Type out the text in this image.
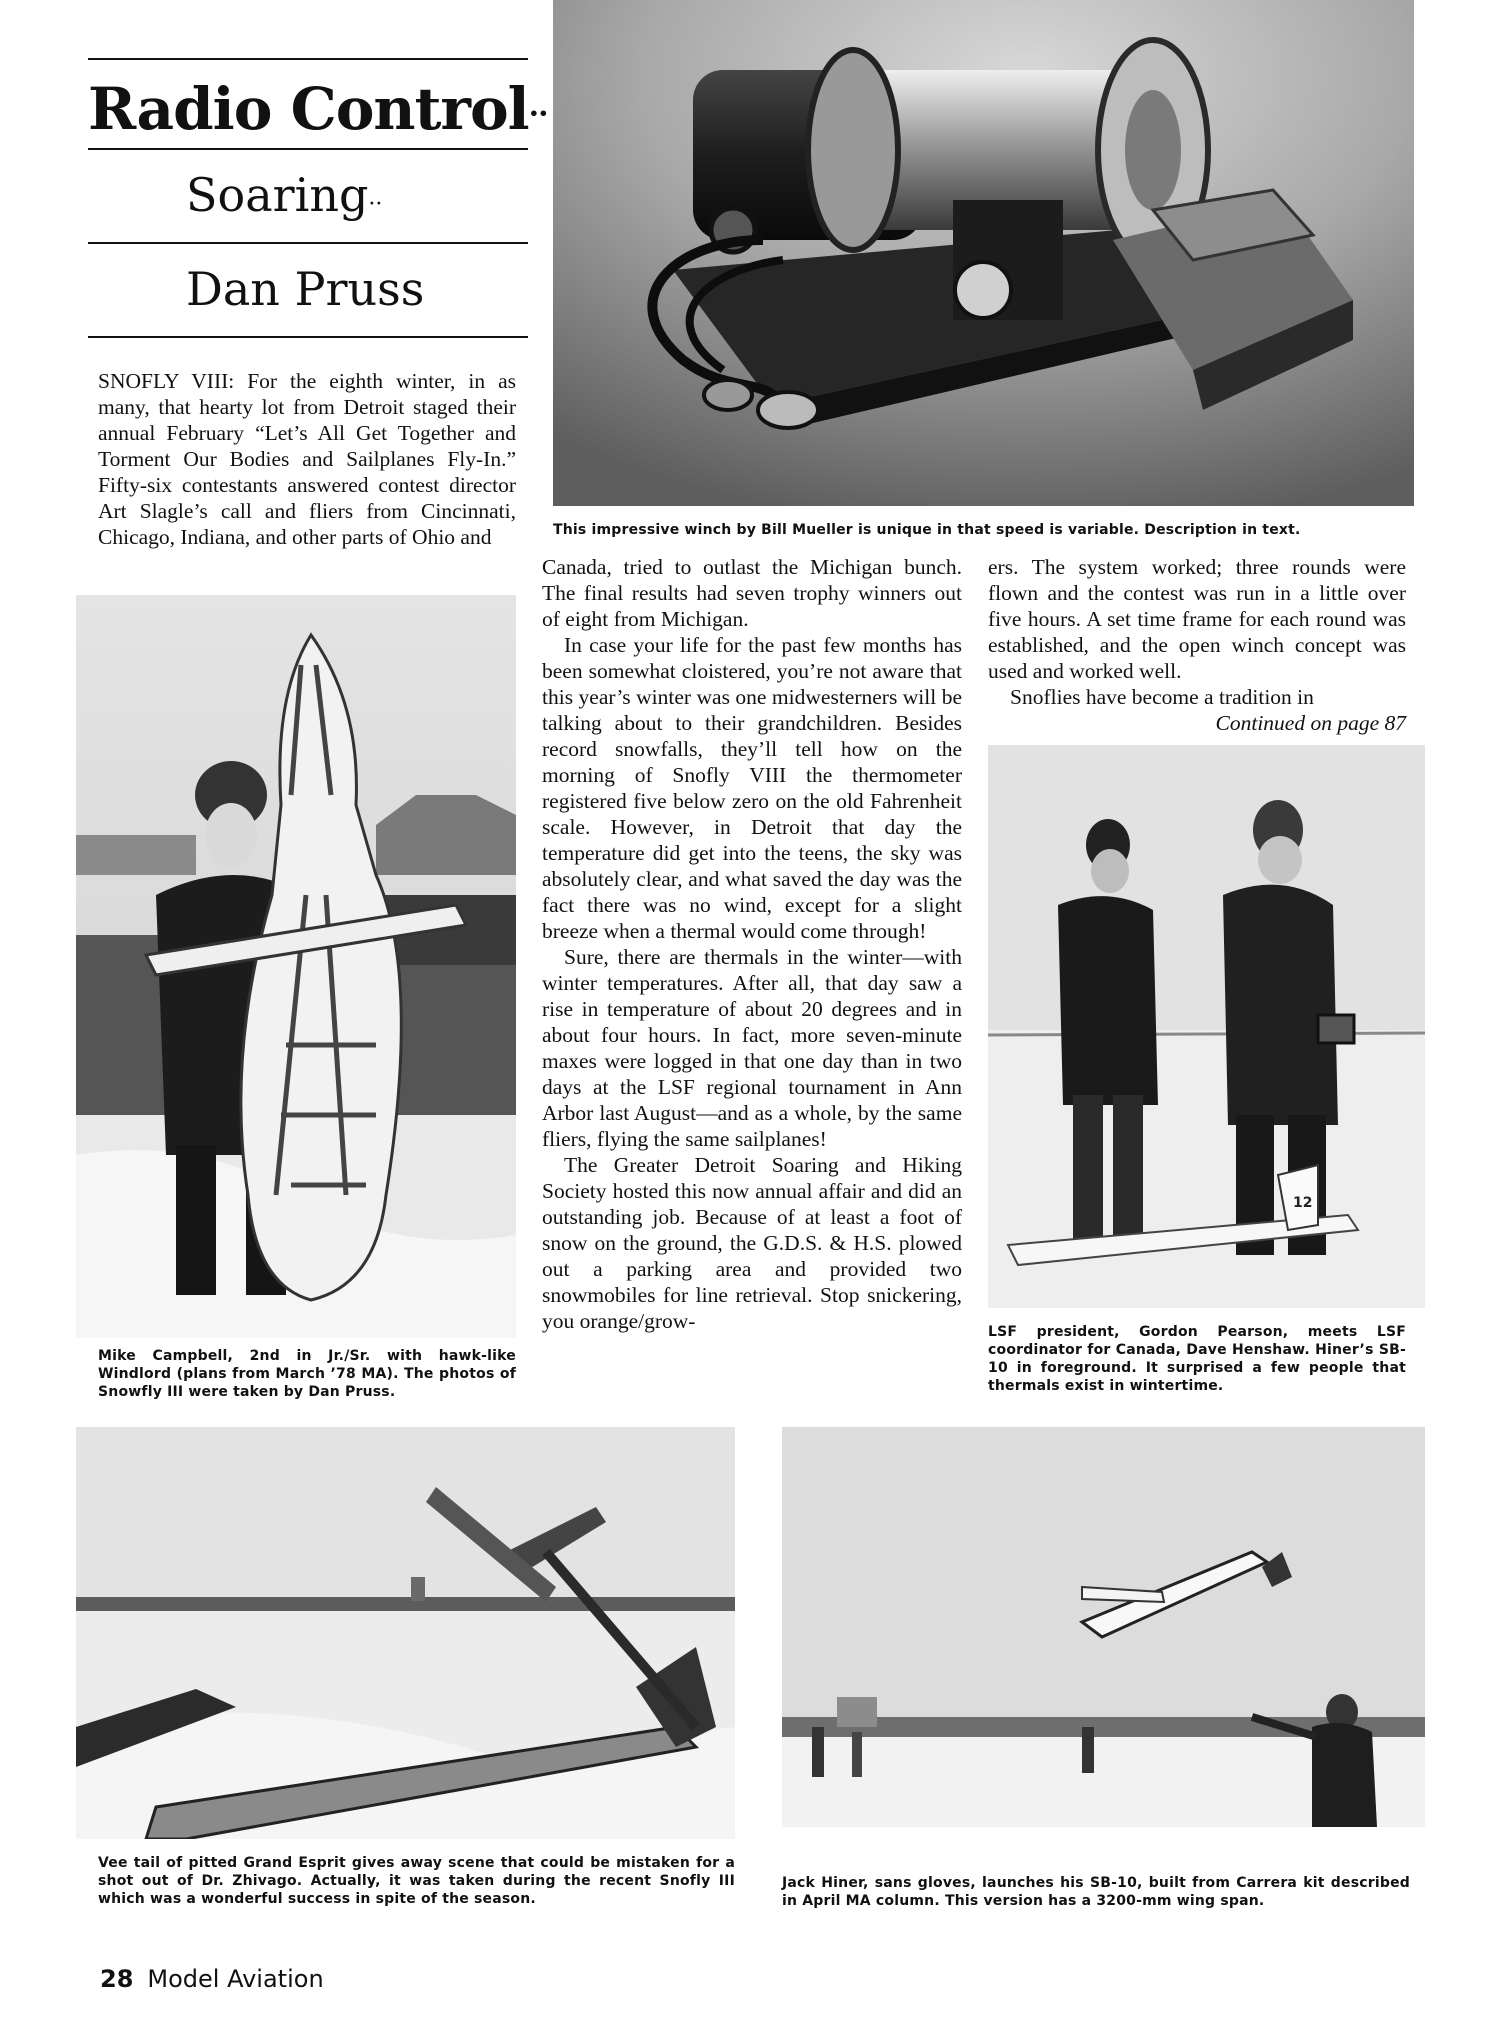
Radio Control··
Soaring··
Dan Pruss

SNOFLY VIII: For the eighth winter, in as many, that hearty lot from Detroit staged their annual February “Let’s All Get Together and Torment Our Bodies and Sailplanes Fly-In.” Fifty-six contestants answered contest director Art Slagle’s call and fliers from Cincinnati, Chicago, Indiana, and other parts of Ohio and	This impressive winch by Bill Mueller is unique in that speed is variable. Description in text.
Mike Campbell, 2nd in Jr./Sr. with hawk-like Windlord (plans from March ’78 MA). The photos of Snowfly III were taken by Dan Pruss.

Canada, tried to outlast the Michigan bunch. The final results had seven trophy winners out of eight from Michigan.

In case your life for the past few months has been somewhat cloistered, you’re not aware that this year’s winter was one midwesterners will be talking about to their grandchildren. Besides record snowfalls, they’ll tell how on the morning of Snofly VIII the thermometer registered five below zero on the old Fahrenheit scale. However, in Detroit that day the temperature did get into the teens, the sky was absolutely clear, and what saved the day was the fact there was no wind, except for a slight breeze when a thermal would come through!

Sure, there are thermals in the winter—with winter temperatures. After all, that day saw a rise in temperature of about 20 degrees and in about four hours. In fact, more seven-minute maxes were logged in that one day than in two days at the LSF regional tournament in Ann Arbor last August—and as a whole, by the same fliers, flying the same sailplanes!

The Greater Detroit Soaring and Hiking Society hosted this now annual affair and did an outstanding job. Because of at least a foot of snow on the ground, the G.D.S. & H.S. plowed out a parking area and provided two snowmobiles for line retrieval. Stop snickering, you orange/grow-

ers. The system worked; three rounds were flown and the contest was run in a little over five hours. A set time frame for each round was established, and the open winch concept was used and worked well.

Snoflies have become a tradition in

Continued on page 87
12
LSF president, Gordon Pearson, meets LSF coordinator for Canada, Dave Henshaw. Hiner’s SB-10 in foreground. It surprised a few people that thermals exist in wintertime.
Vee tail of pitted Grand Esprit gives away scene that could be mistaken for a shot out of Dr. Zhivago. Actually, it was taken during the recent Snofly III which was a wonderful success in spite of the season.
Jack Hiner, sans gloves, launches his SB-10, built from Carrera kit described in April MA column. This version has a 3200-mm wing span.
28 Model Aviation
